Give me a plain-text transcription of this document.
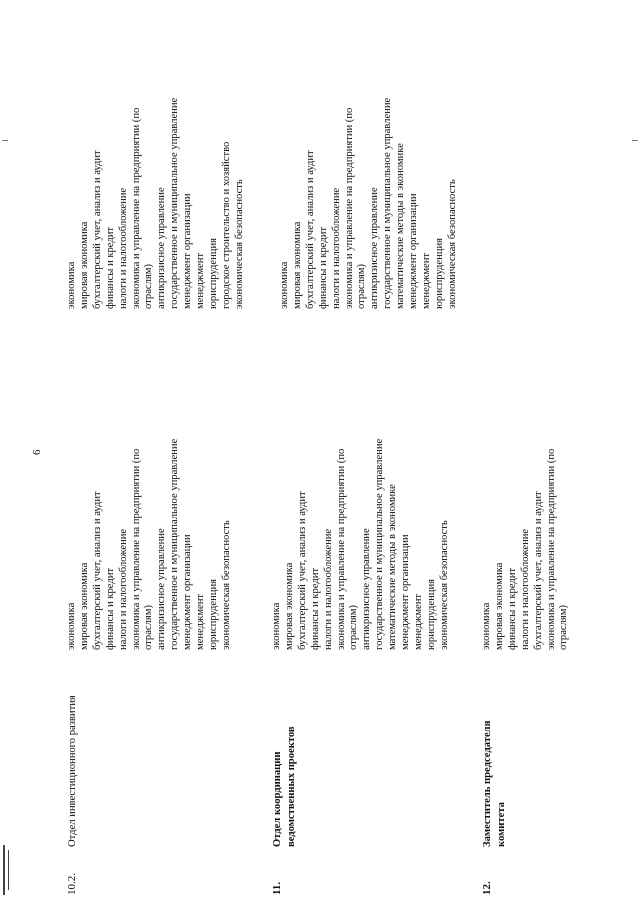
6
10.2.
Отдел инвестиционного развития
экономика мировая экономика бухгалтерский учет, анализ и аудит финансы и кредит налоги и налогообложение экономика и управление на предприятии (по отраслям) антикризисное управление государственное и муниципальное управление менеджмент организации менеджмент юриспруденция экономическая безопасность
экономика мировая экономика бухгалтерский учет, анализ и аудит финансы и кредит налоги и налогообложение экономика и управление на предприятии (по отраслям) антикризисное управление государственное и муниципальное управление менеджмент организации менеджмент юриспруденция городское строительство и хозяйство экономическая безопасность
11.
Отдел координации ведомственных проектов
экономика мировая экономика бухгалтерский учет, анализ и аудит финансы и кредит налоги и налогообложение экономика и управление на предприятии (по отраслям) антикризисное управление государственное и муниципальное управление математические методы в экономике менеджмент организации менеджмент юриспруденция экономическая безопасность
экономика мировая экономика бухгалтерский учет, анализ и аудит финансы и кредит налоги и налогообложение экономика и управление на предприятии (по отраслям) антикризисное управление государственное и муниципальное управление математические методы в экономике менеджмент организации менеджмент юриспруденция экономическая безопасность
12.
Заместитель председателя комитета
экономика мировая экономика финансы и кредит налоги и налогообложение бухгалтерский учет, анализ и аудит экономика и управление на предприятии (по отраслям)
